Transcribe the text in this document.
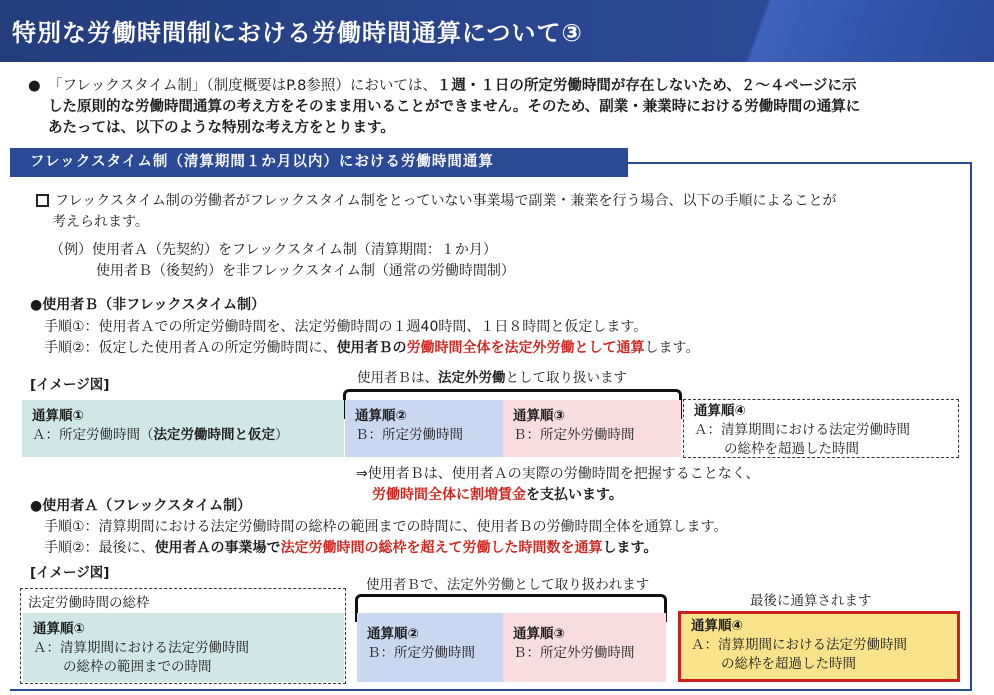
特別な労働時間制における労働時間通算について③
● 「フレックスタイム制」（制度概要はP.8参照）においては、１週・１日の所定労働時間が存在しないため、２～４ページに示
した原則的な労働時間通算の考え方をそのまま用いることができません。そのため、副業・兼業時における労働時間の通算に
あたっては、以下のような特別な考え方をとります。
フレックスタイム制（清算期間１か月以内）における労働時間通算
フレックスタイム制の労働者がフレックスタイム制をとっていない事業場で副業・兼業を行う場合、以下の手順によることが
考えられます。
（例）使用者Ａ（先契約）をフレックスタイム制（清算期間：１か月）
使用者Ｂ（後契約）を非フレックスタイム制（通常の労働時間制）
●使用者Ｂ（非フレックスタイム制）
手順①：使用者Ａでの所定労働時間を、法定労働時間の１週40時間、１日８時間と仮定します。
手順②：仮定した使用者Ａの所定労働時間に、使用者Ｂの労働時間全体を法定外労働として通算します。
[イメージ図]	使用者Ｂは、法定外労働として取り扱います
通算順①
Ａ：所定労働時間（法定労働時間と仮定）
通算順②
Ｂ：所定労働時間
通算順③
Ｂ：所定外労働時間
通算順④
Ａ：清算期間における法定労働時間
の総枠を超過した時間
⇒使用者Ｂは、使用者Ａの実際の労働時間を把握することなく、
労働時間全体に割増賃金を支払います。
●使用者Ａ（フレックスタイム制）
手順①：清算期間における法定労働時間の総枠の範囲までの時間に、使用者Ｂの労働時間全体を通算します。
手順②：最後に、使用者Ａの事業場で法定労働時間の総枠を超えて労働した時間数を通算します。
[イメージ図]
使用者Ｂで、法定外労働として取り扱われます
最後に通算されます
法定労働時間の総枠
通算順①
Ａ：清算期間における法定労働時間
の総枠の範囲までの時間
通算順②
Ｂ：所定労働時間
通算順③
Ｂ：所定外労働時間
通算順④
Ａ：清算期間における法定労働時間
の総枠を超過した時間
